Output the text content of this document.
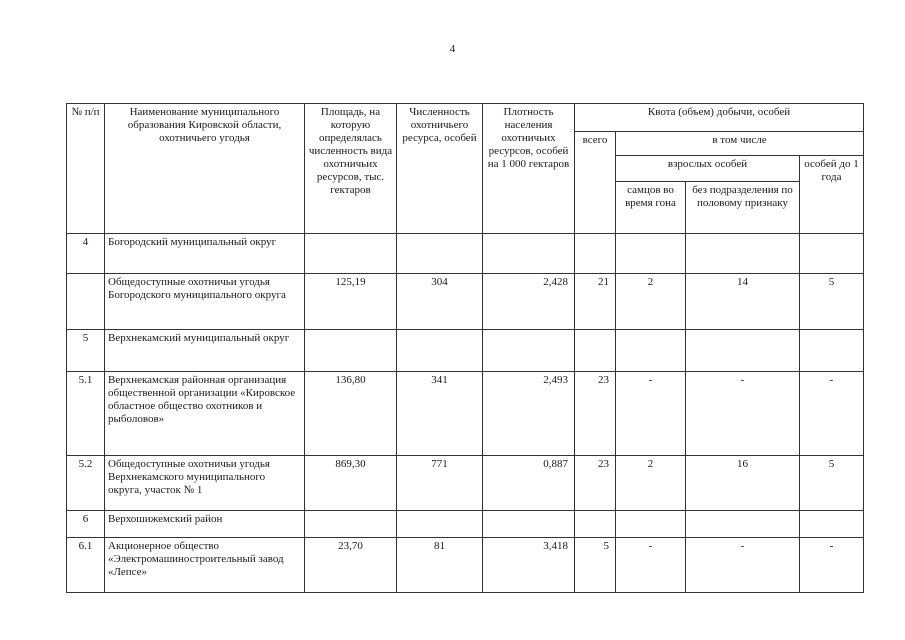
4
№ п/п	Наименование муниципального образования Кировской области, охотничьего угодья	Площадь, на которую определялась численность вида охотничьих ресурсов, тыс. гектаров	Численность охотничьего ресурса, особей	Плотность населения охотничьих ресурсов, особей на 1 000 гектаров	Квота (объем) добычи, особей			
					всего	в том числе		
						взрослых особей		особей до 1 года
						самцов во время гона	без подразделения по половому признаку	
4	Богородский муниципальный округ							
	Общедоступные охотничьи угодья Богородского муниципального округа	125,19	304	2,428	21	2	14	5
5	Верхнекамский муниципальный округ							
5.1	Верхнекамская районная организация общественной организации «Кировское областное общество охотников и рыболовов»	136,80	341	2,493	23	-	-	-
5.2	Общедоступные охотничьи угодья Верхнекамского муниципального округа, участок № 1	869,30	771	0,887	23	2	16	5
6	Верхошижемский район							
6.1	Акционерное общество «Электромашиностроительный завод «Лепсе»	23,70	81	3,418	5	-	-	-
